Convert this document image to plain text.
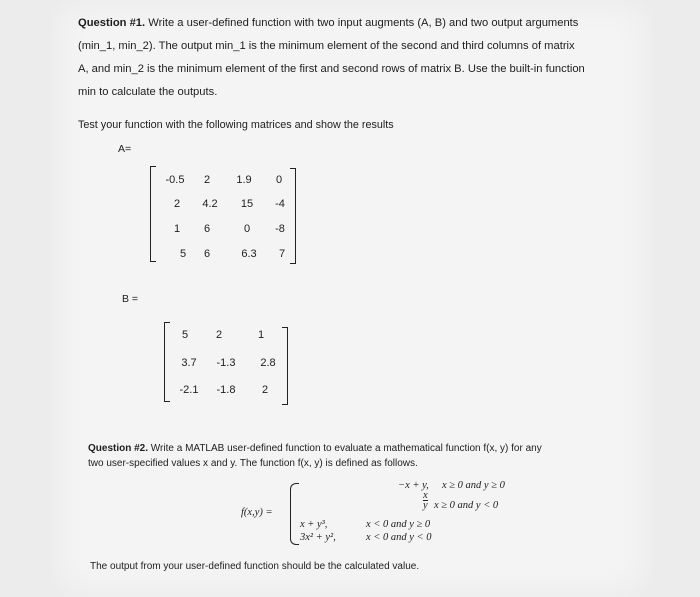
Question #1. Write a user-defined function with two input augments (A, B) and two output arguments
(min_1, min_2). The output min_1 is the minimum element of the second and third columns of matrix
A, and min_2 is the minimum element of the first and second rows of matrix B. Use the built-in function
min to calculate the outputs.
Test your function with the following matrices and show the results
A=
-0.5	2	1.9	0
2	4.2	15	-4
1	6	0	-8
5	6	6.3	7
B =
5	2	1
3.7	-1.3	2.8
-2.1	-1.8	2
Question #2. Write a MATLAB user-defined function to evaluate a mathematical function f(x, y) for any
two user-specified values x and y. The function f(x, y) is defined as follows.
f(x,y) =
−x + y, x ≥ 0 and y ≥ 0
$\frac{x}{y}$ x ≥ 0 and y < 0
x + y³,	x < 0 and y ≥ 0
3x² + y²,	x < 0 and y < 0
The output from your user-defined function should be the calculated value.
